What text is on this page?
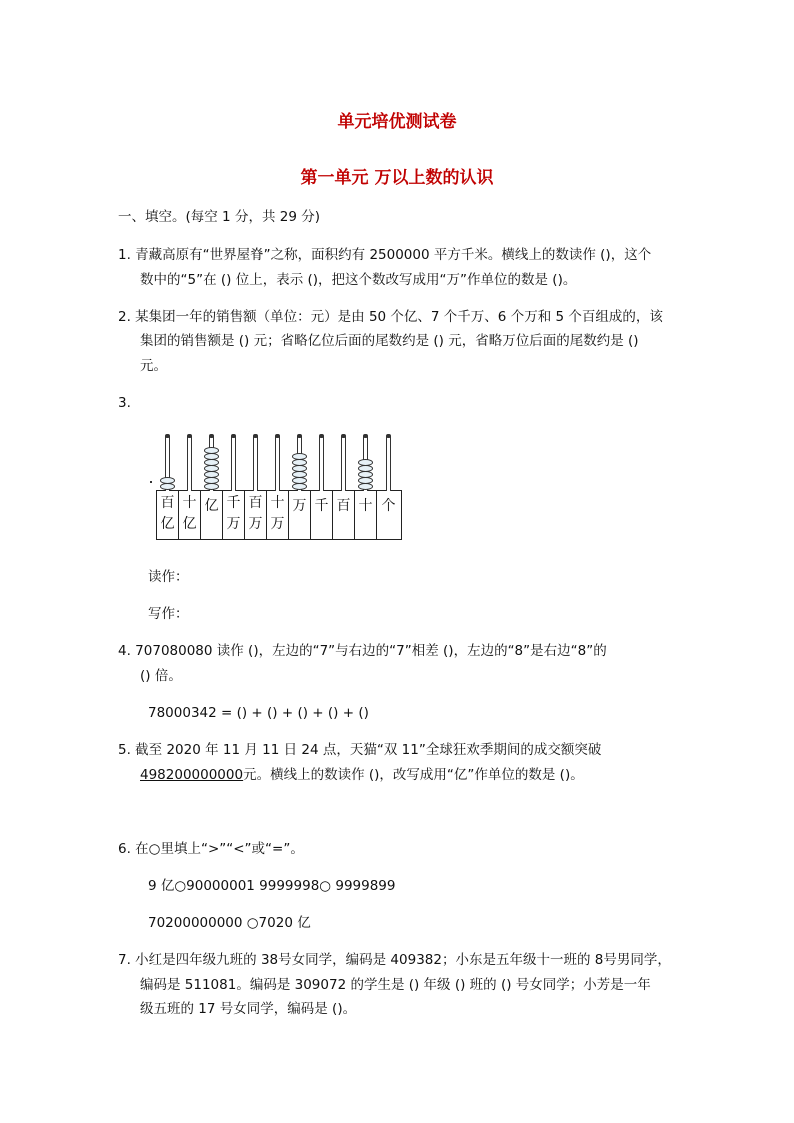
单元培优测试卷
第一单元 万以上数的认识
一、填空。(每空 1 分，共 29 分)
1. 青藏高原有“世界屋脊”之称，面积约有 2500000 平方千米。横线上的数读作 ()，这个
数中的“5”在 () 位上，表示 ()，把这个数改写成用“万”作单位的数是 ()。
2. 某集团一年的销售额（单位：元）是由 50 个亿、7 个千万、6 个万和 5 个百组成的，该
集团的销售额是 () 元；省略亿位后面的尾数约是 () 元，省略万位后面的尾数约是 ()
元。
3.
百
亿
十
亿
亿 千
万
百
万
十
万
万 千 百 十 个
读作：
写作：
4. 707080080 读作 ()，左边的“7”与右边的“7”相差 ()，左边的“8”是右边“8”的
() 倍。
78000342 = () + () + () + () + ()
5. 截至 2020 年 11 月 11 日 24 点，天猫“双 11”全球狂欢季期间的成交额突破
498200000000元。横线上的数读作 ()，改写成用“亿”作单位的数是 ()。
6. 在○里填上“>”“<”或“=”。
9 亿○90000001 9999998○ 9999899
70200000000 ○7020 亿
7. 小红是四年级九班的 38号女同学，编码是 409382；小东是五年级十一班的 8号男同学，
编码是 511081。编码是 309072 的学生是 () 年级 () 班的 () 号女同学；小芳是一年
级五班的 17 号女同学，编码是 ()。
